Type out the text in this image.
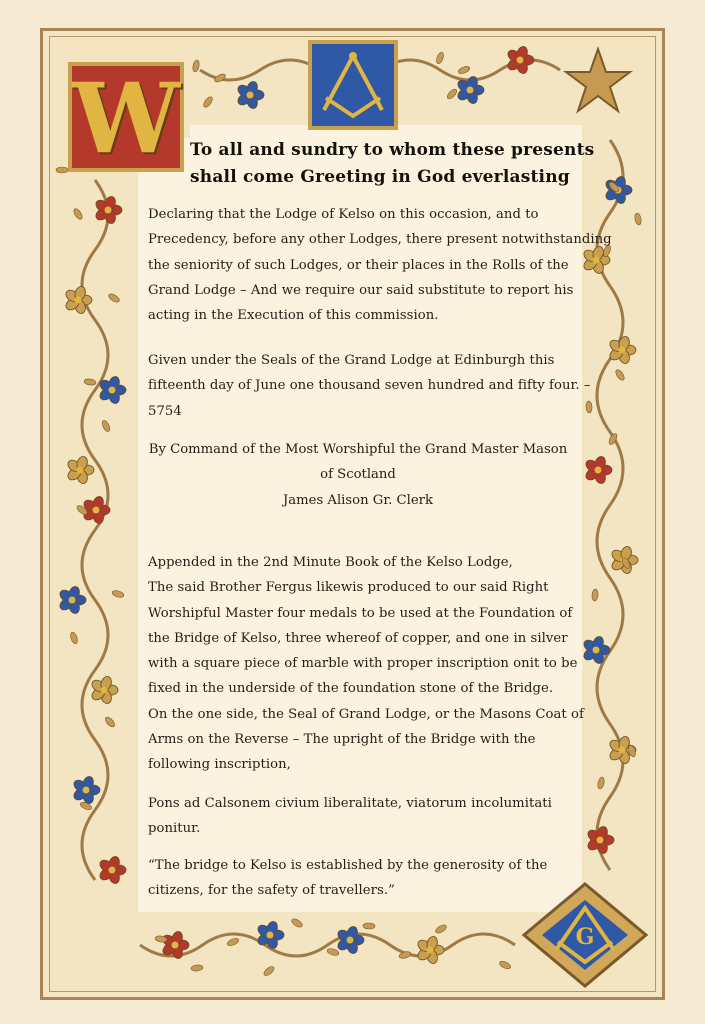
W
G
To all and sundry to whom these presents
shall come Greeting in God everlasting
Declaring that the Lodge of Kelso on this occasion, and to
Precedency, before any other Lodges, there present notwithstanding
the seniority of such Lodges, or their places in the Rolls of the
Grand Lodge – And we require our said substitute to report his
acting in the Execution of this commission.
Given under the Seals of the Grand Lodge at Edinburgh this
fifteenth day of June one thousand seven hundred and fifty four. –
5754
By Command of the Most Worshipful the Grand Master Mason
of Scotland
James Alison Gr. Clerk
Appended in the 2nd Minute Book of the Kelso Lodge,
The said Brother Fergus likewis produced to our said Right
Worshipful Master four medals to be used at the Foundation of
the Bridge of Kelso, three whereof of copper, and one in silver
with a square piece of marble with proper inscription onit to be
fixed in the underside of the foundation stone of the Bridge.
On the one side, the Seal of Grand Lodge, or the Masons Coat of
Arms on the Reverse – The upright of the Bridge with the
following inscription,
Pons ad Calsonem civium liberalitate, viatorum incolumitati
ponitur.
“The bridge to Kelso is established by the generosity of the
citizens, for the safety of travellers.”
